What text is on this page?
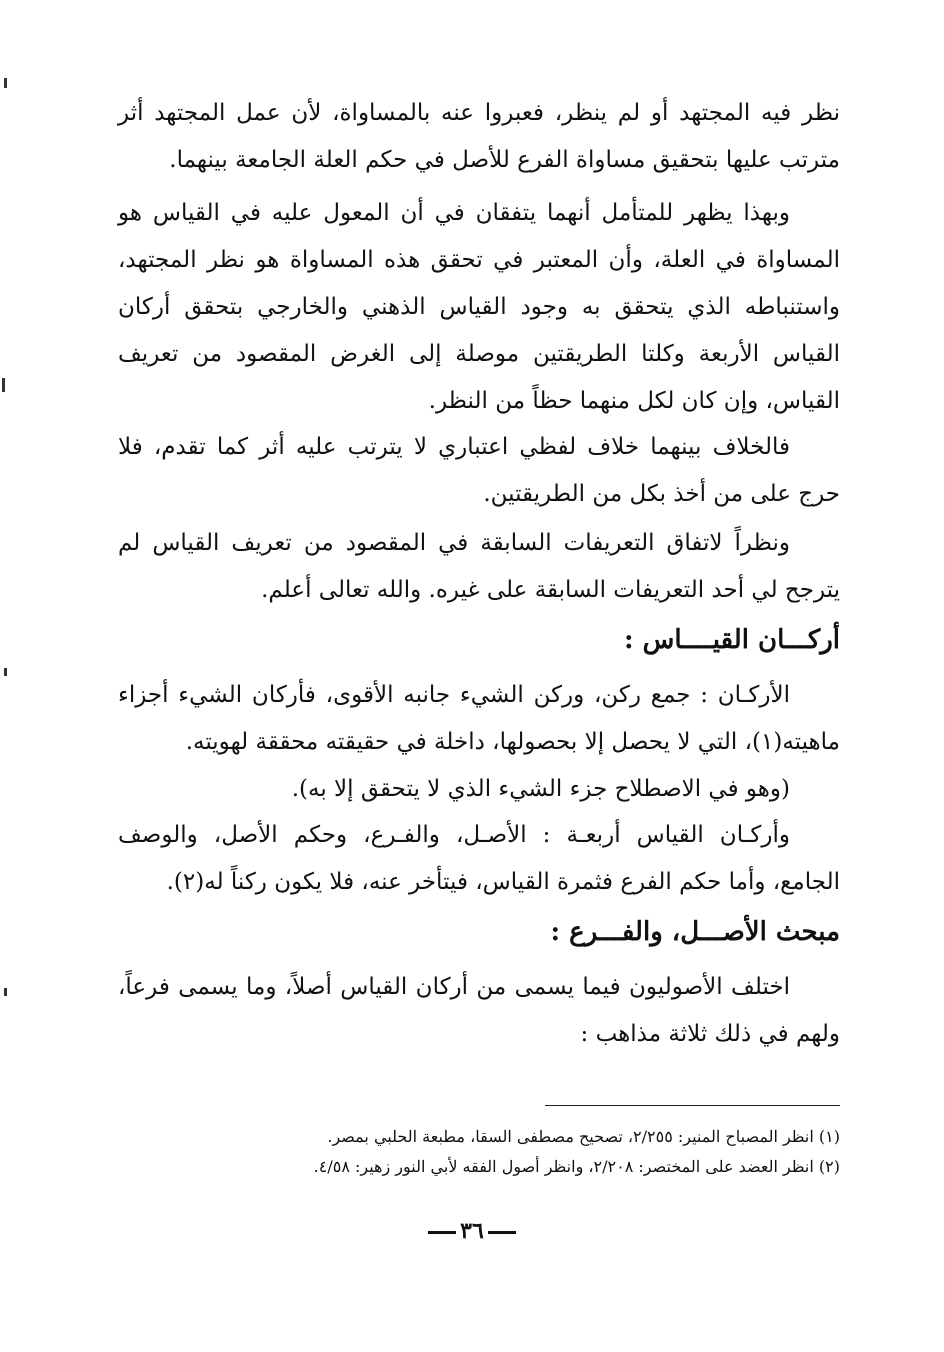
نظر فيه المجتهد أو لم ينظر، فعبروا عنه بالمساواة، لأن عمل المجتهد أثر مترتب عليها بتحقيق مساواة الفرع للأصل في حكم العلة الجامعة بينهما.

وبهذا يظهر للمتأمل أنهما يتفقان في أن المعول عليه في القياس هو المساواة في العلة، وأن المعتبر في تحقق هذه المساواة هو نظر المجتهد، واستنباطه الذي يتحقق به وجود القياس الذهني والخارجي بتحقق أركان القياس الأربعة وكلتا الطريقتين موصلة إلى الغرض المقصود من تعريف القياس، وإن كان لكل منهما حظاً من النظر.

فالخلاف بينهما خلاف لفظي اعتباري لا يترتب عليه أثر كما تقدم، فلا حرج على من أخذ بكل من الطريقتين.

ونظراً لاتفاق التعريفات السابقة في المقصود من تعريف القياس لم يترجح لي أحد التعريفات السابقة على غيره. والله تعالى أعلم.

أركـــان القيــــاس :

الأركـان : جمع ركن، وركن الشيء جانبه الأقوى، فأركان الشيء أجزاء ماهيته(١)، التي لا يحصل إلا بحصولها، داخلة في حقيقته محققة لهويته.

(وهو في الاصطلاح جزء الشيء الذي لا يتحقق إلا به).

وأركـان القياس أربعـة : الأصـل، والفـرع، وحكم الأصل، والوصف الجامع، وأما حكم الفرع فثمرة القياس، فيتأخر عنه، فلا يكون ركناً له(٢).

مبحث الأصـــل، والفـــرع :

اختلف الأصوليون فيما يسمى من أركان القياس أصلاً، وما يسمى فرعاً، ولهم في ذلك ثلاثة مذاهب :

(١) انظر المصباح المنير: ٢/٢٥٥، تصحيح مصطفى السقا، مطبعة الحلبي بمصر.

(٢) انظر العضد على المختصر: ٢/٢٠٨، وانظر أصول الفقه لأبي النور زهير: ٤/٥٨.

٣٦
